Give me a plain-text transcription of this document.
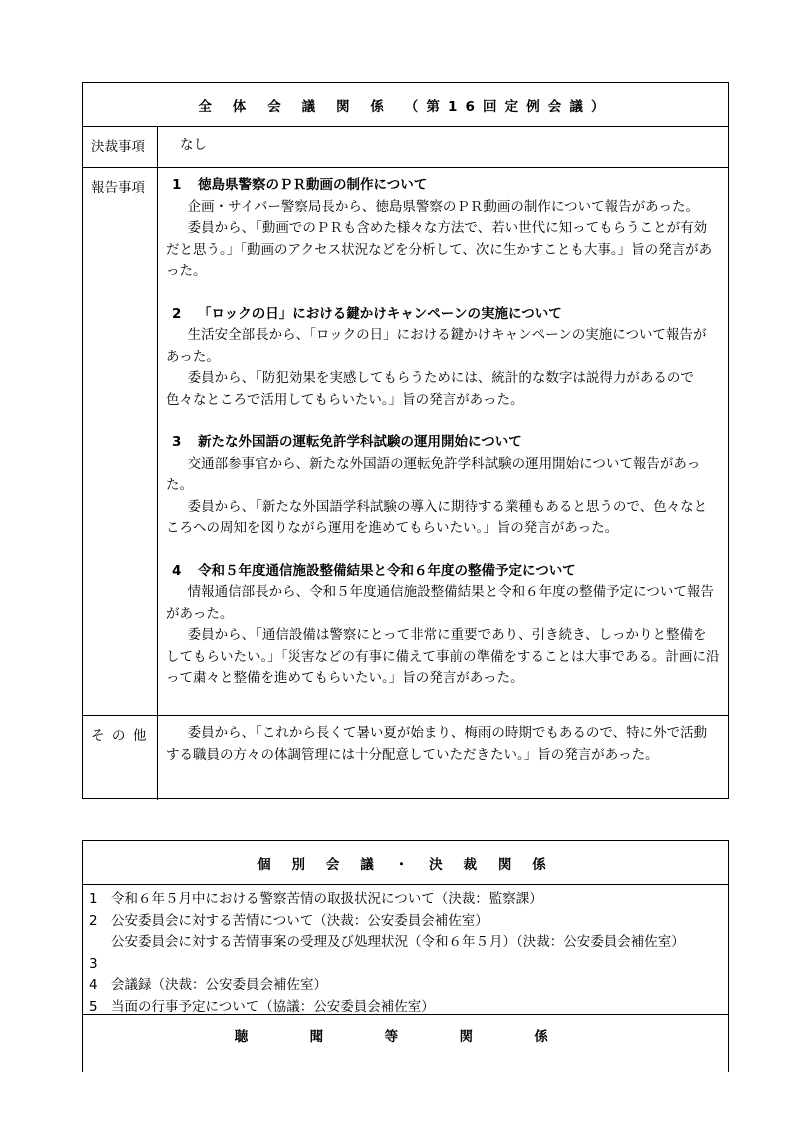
全 体 会 議 関 係 （第16回定例会議）
決裁事項	なし
報告事項	1 徳島県警察のＰＲ動画の制作について

企画・サイバー警察局長から、徳島県警察のＰＲ動画の制作について報告があった。

委員から、「動画でのＰＲも含めた様々な方法で、若い世代に知ってもらうことが有効だと思う。」「動画のアクセス状況などを分析して、次に生かすことも大事。」旨の発言があった。

2 「ロックの日」における鍵かけキャンペーンの実施について

生活安全部長から、「ロックの日」における鍵かけキャンペーンの実施について報告があった。

委員から、「防犯効果を実感してもらうためには、統計的な数字は説得力があるので色々なところで活用してもらいたい。」旨の発言があった。

3 新たな外国語の運転免許学科試験の運用開始について

交通部参事官から、新たな外国語の運転免許学科試験の運用開始について報告があった。

委員から、「新たな外国語学科試験の導入に期待する業種もあると思うので、色々なところへの周知を図りながら運用を進めてもらいたい。」旨の発言があった。

4 令和５年度通信施設整備結果と令和６年度の整備予定について

情報通信部長から、令和５年度通信施設整備結果と令和６年度の整備予定について報告があった。

委員から、「通信設備は警察にとって非常に重要であり、引き続き、しっかりと整備をしてもらいたい。」「災害などの有事に備えて事前の準備をすることは大事である。計画に沿って粛々と整備を進めてもらいたい。」旨の発言があった。

その他	委員から、「これから長くて暑い夏が始まり、梅雨の時期でもあるので、特に外で活動する職員の方々の体調管理には十分配意していただきたい。」旨の発言があった。

個 別 会 議 ・ 決 裁 関 係
1 令和６年５月中における警察苦情の取扱状況について（決裁：監察課）
2 公安委員会に対する苦情について（決裁：公安委員会補佐室）
3
公安委員会に対する苦情事案の受理及び処理状況（令和６年５月）（決裁：公安委員会補佐室）
4 会議録（決裁：公安委員会補佐室）
5 当面の行事予定について（協議：公安委員会補佐室）
聴 聞 等 関 係
